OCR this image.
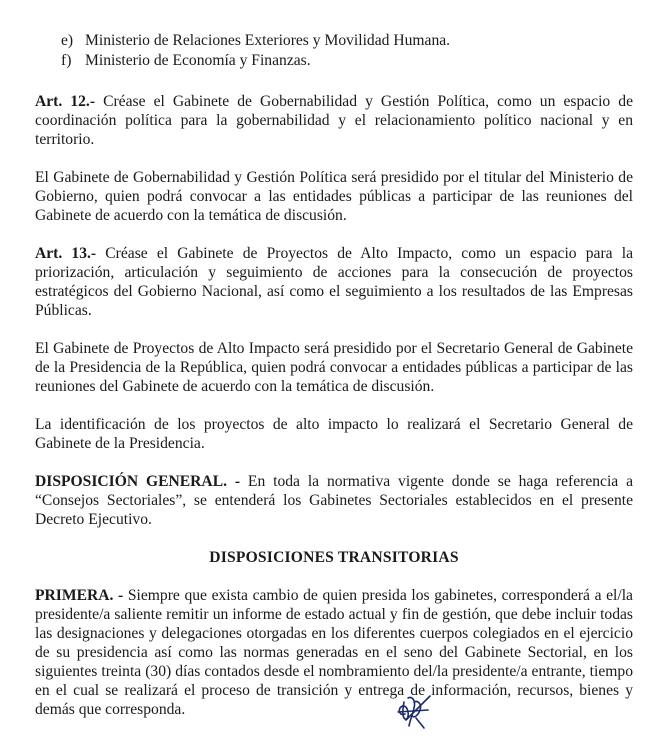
e) Ministerio de Relaciones Exteriores y Movilidad Humana.
f) Ministerio de Economía y Finanzas.

Art. 12.- Créase el Gabinete de Gobernabilidad y Gestión Política, como un espacio de coordinación política para la gobernabilidad y el relacionamiento político nacional y en territorio.

El Gabinete de Gobernabilidad y Gestión Política será presidido por el titular del Ministerio de Gobierno, quien podrá convocar a las entidades públicas a participar de las reuniones del Gabinete de acuerdo con la temática de discusión.

Art. 13.- Créase el Gabinete de Proyectos de Alto Impacto, como un espacio para la priorización, articulación y seguimiento de acciones para la consecución de proyectos estratégicos del Gobierno Nacional, así como el seguimiento a los resultados de las Empresas Públicas.

El Gabinete de Proyectos de Alto Impacto será presidido por el Secretario General de Gabinete de la Presidencia de la República, quien podrá convocar a entidades públicas a participar de las reuniones del Gabinete de acuerdo con la temática de discusión.

La identificación de los proyectos de alto impacto lo realizará el Secretario General de Gabinete de la Presidencia.

DISPOSICIÓN GENERAL. - En toda la normativa vigente donde se haga referencia a “Consejos Sectoriales”, se entenderá los Gabinetes Sectoriales establecidos en el presente Decreto Ejecutivo.

DISPOSICIONES TRANSITORIAS

PRIMERA. - Siempre que exista cambio de quien presida los gabinetes, corresponderá a el/la presidente/a saliente remitir un informe de estado actual y fin de gestión, que debe incluir todas las designaciones y delegaciones otorgadas en los diferentes cuerpos colegiados en el ejercicio de su presidencia así como las normas generadas en el seno del Gabinete Sectorial, en los siguientes treinta (30) días contados desde el nombramiento del/la presidente/a entrante, tiempo en el cual se realizará el proceso de transición y entrega de información, recursos, bienes y demás que corresponda.
